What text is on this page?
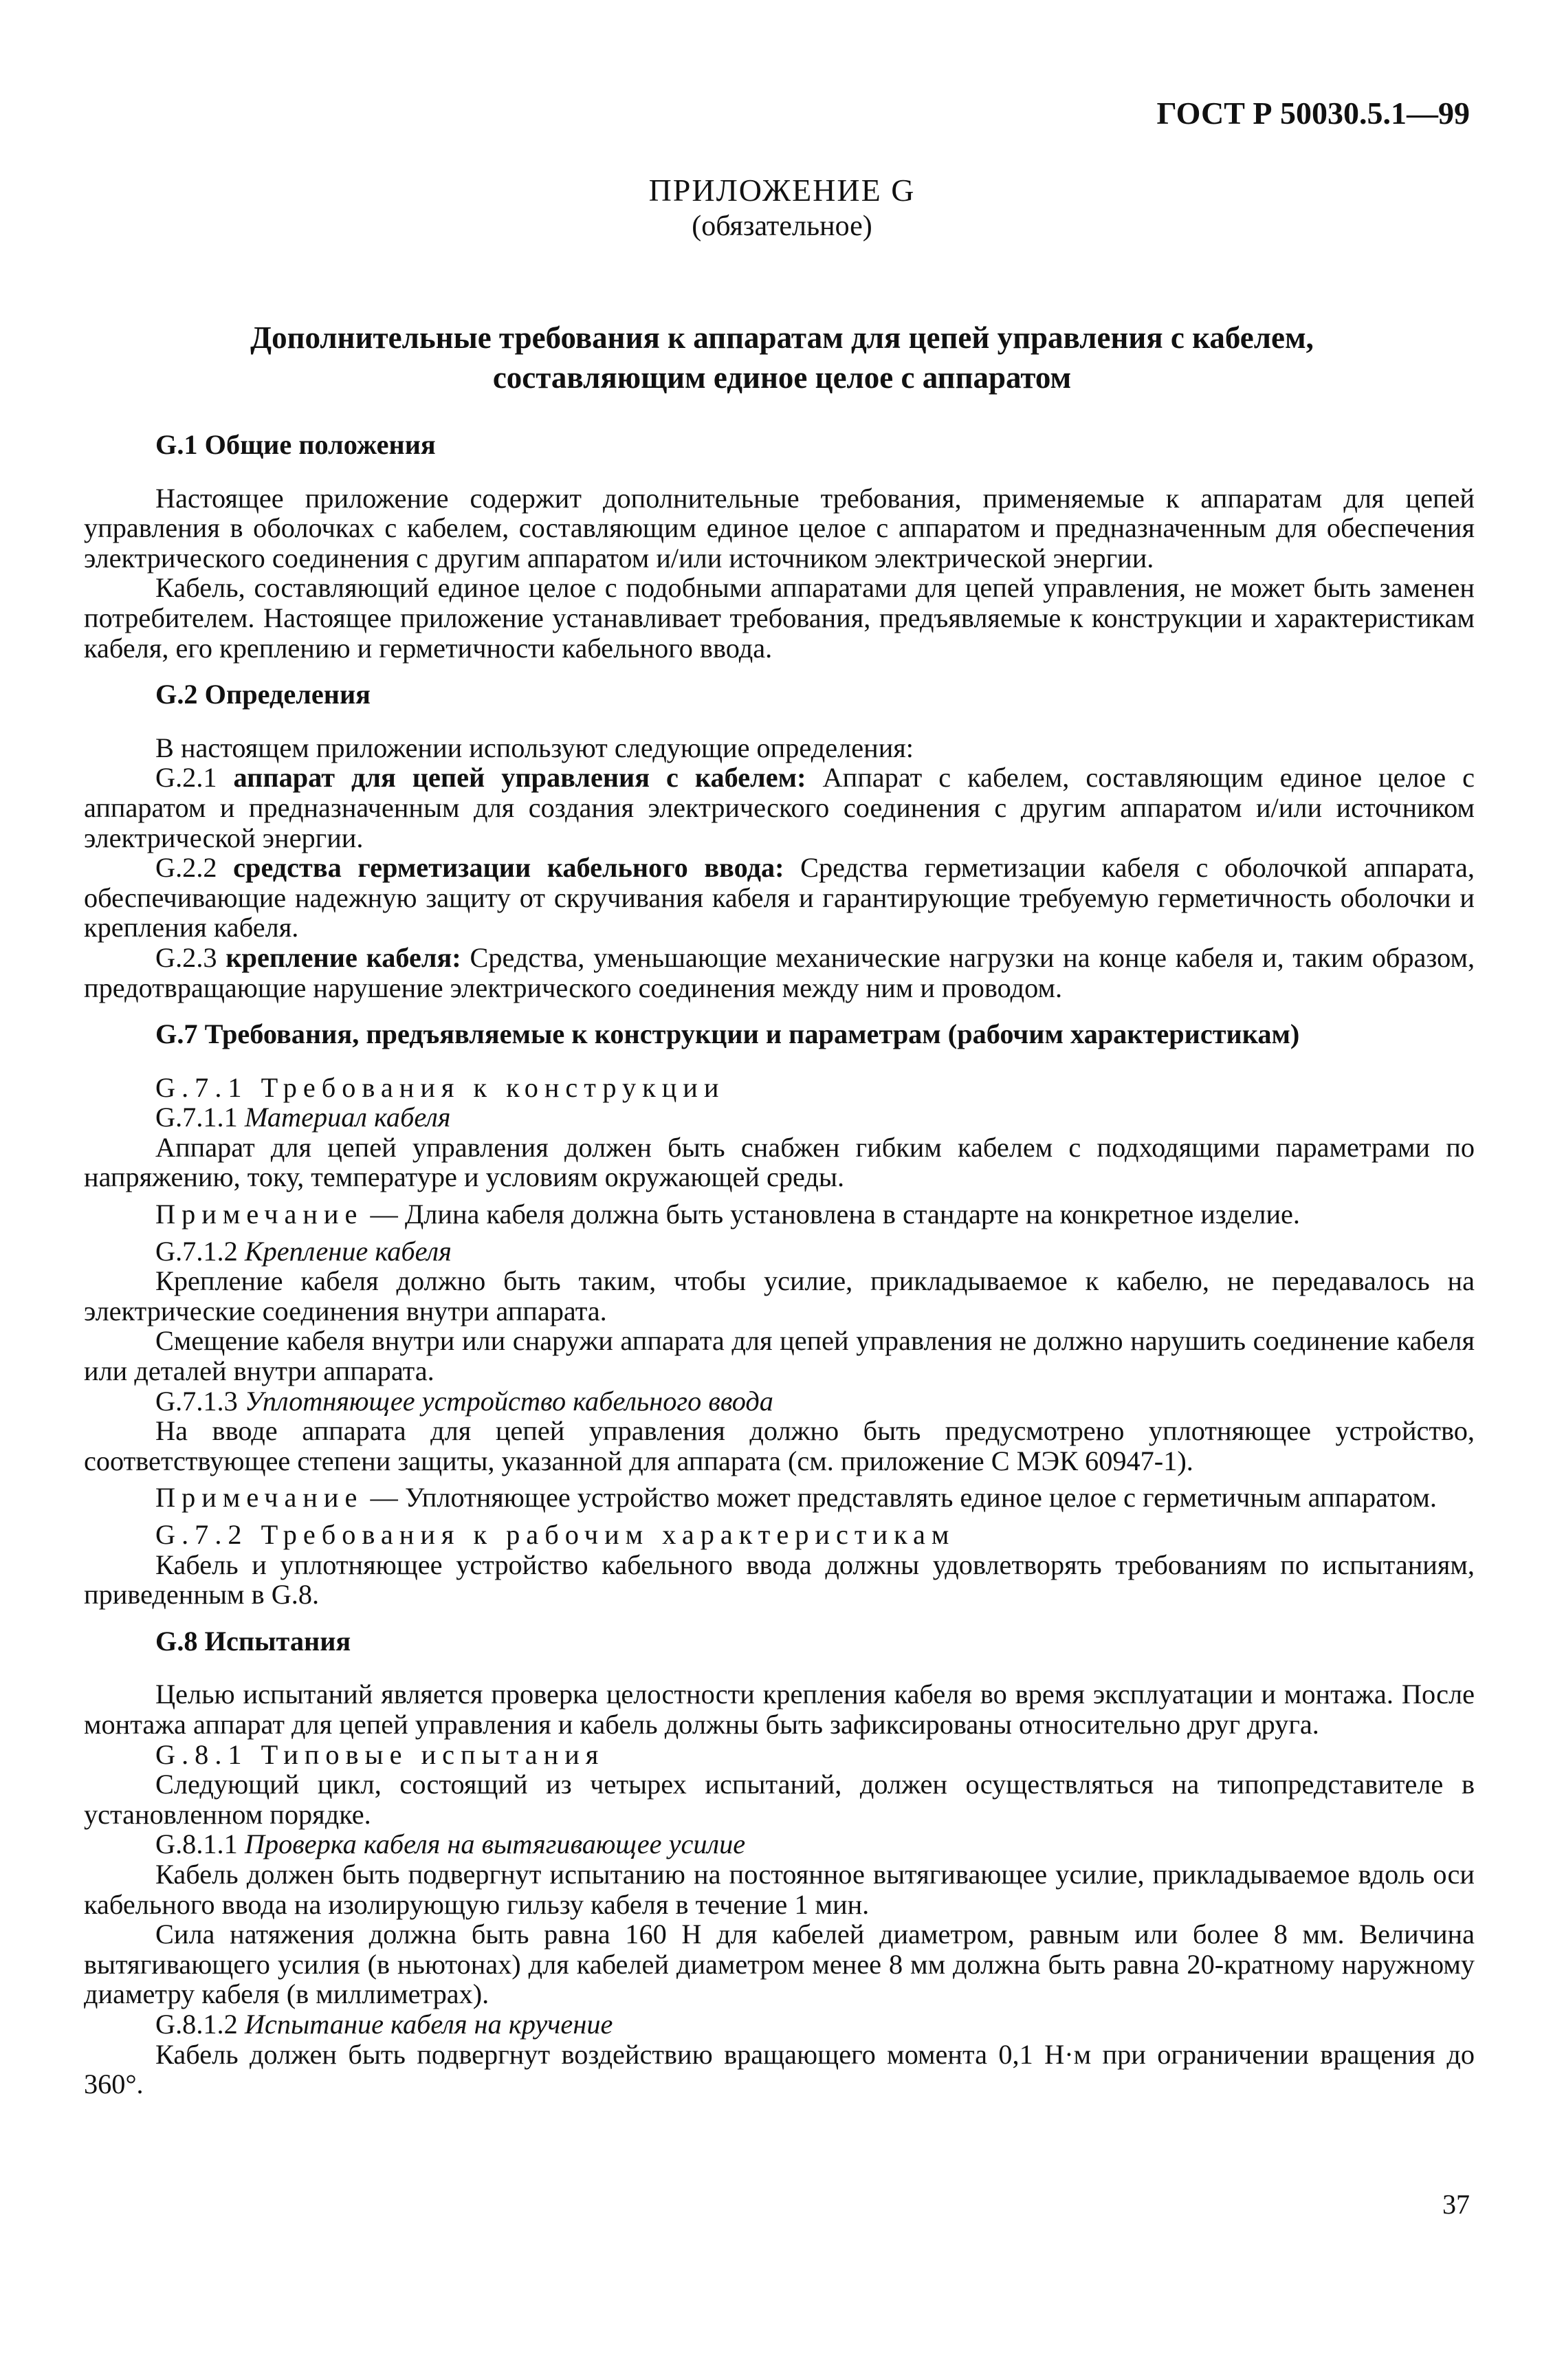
ГОСТ Р 50030.5.1—99
ПРИЛОЖЕНИЕ G
(обязательное)
Дополнительные требования к аппаратам для цепей управления с кабелем,
составляющим единое целое с аппаратом
G.1 Общие положения

Настоящее приложение содержит дополнительные требования, применяемые к аппаратам для цепей управления в оболочках с кабелем, составляющим единое целое с аппаратом и предназначенным для обеспечения электрического соединения с другим аппаратом и/или источником электрической энергии.

Кабель, составляющий единое целое с подобными аппаратами для цепей управления, не может быть заменен потребителем. Настоящее приложение устанавливает требования, предъявляемые к конструкции и характеристикам кабеля, его креплению и герметичности кабельного ввода.

G.2 Определения

В настоящем приложении используют следующие определения:

G.2.1 аппарат для цепей управления с кабелем: Аппарат с кабелем, составляющим единое целое с аппаратом и предназначенным для создания электрического соединения с другим аппаратом и/или источником электрической энергии.

G.2.2 средства герметизации кабельного ввода: Средства герметизации кабеля с оболочкой аппарата, обеспечивающие надежную защиту от скручивания кабеля и гарантирующие требуемую герметичность оболочки и крепления кабеля.

G.2.3 крепление кабеля: Средства, уменьшающие механические нагрузки на конце кабеля и, таким образом, предотвращающие нарушение электрического соединения между ним и проводом.

G.7 Требования, предъявляемые к конструкции и параметрам (рабочим характеристикам)

G.7.1 Требования к конструкции

G.7.1.1 Материал кабеля

Аппарат для цепей управления должен быть снабжен гибким кабелем с подходящими параметрами по напряжению, току, температуре и условиям окружающей среды.

Примечание — Длина кабеля должна быть установлена в стандарте на конкретное изделие.

G.7.1.2 Крепление кабеля

Крепление кабеля должно быть таким, чтобы усилие, прикладываемое к кабелю, не передавалось на электрические соединения внутри аппарата.

Смещение кабеля внутри или снаружи аппарата для цепей управления не должно нарушить соединение кабеля или деталей внутри аппарата.

G.7.1.3 Уплотняющее устройство кабельного ввода

На вводе аппарата для цепей управления должно быть предусмотрено уплотняющее устройство, соответствующее степени защиты, указанной для аппарата (см. приложение С МЭК 60947-1).

Примечание — Уплотняющее устройство может представлять единое целое с герметичным аппаратом.

G.7.2 Требования к рабочим характеристикам

Кабель и уплотняющее устройство кабельного ввода должны удовлетворять требованиям по испытаниям, приведенным в G.8.

G.8 Испытания

Целью испытаний является проверка целостности крепления кабеля во время эксплуатации и монтажа. После монтажа аппарат для цепей управления и кабель должны быть зафиксированы относительно друг друга.

G.8.1 Типовые испытания

Следующий цикл, состоящий из четырех испытаний, должен осуществляться на типопредставителе в установленном порядке.

G.8.1.1 Проверка кабеля на вытягивающее усилие

Кабель должен быть подвергнут испытанию на постоянное вытягивающее усилие, прикладываемое вдоль оси кабельного ввода на изолирующую гильзу кабеля в течение 1 мин.

Сила натяжения должна быть равна 160 Н для кабелей диаметром, равным или более 8 мм. Величина вытягивающего усилия (в ньютонах) для кабелей диаметром менее 8 мм должна быть равна 20-кратному наружному диаметру кабеля (в миллиметрах).

G.8.1.2 Испытание кабеля на кручение

Кабель должен быть подвергнут воздействию вращающего момента 0,1 Н·м при ограничении вращения до 360°.

37
